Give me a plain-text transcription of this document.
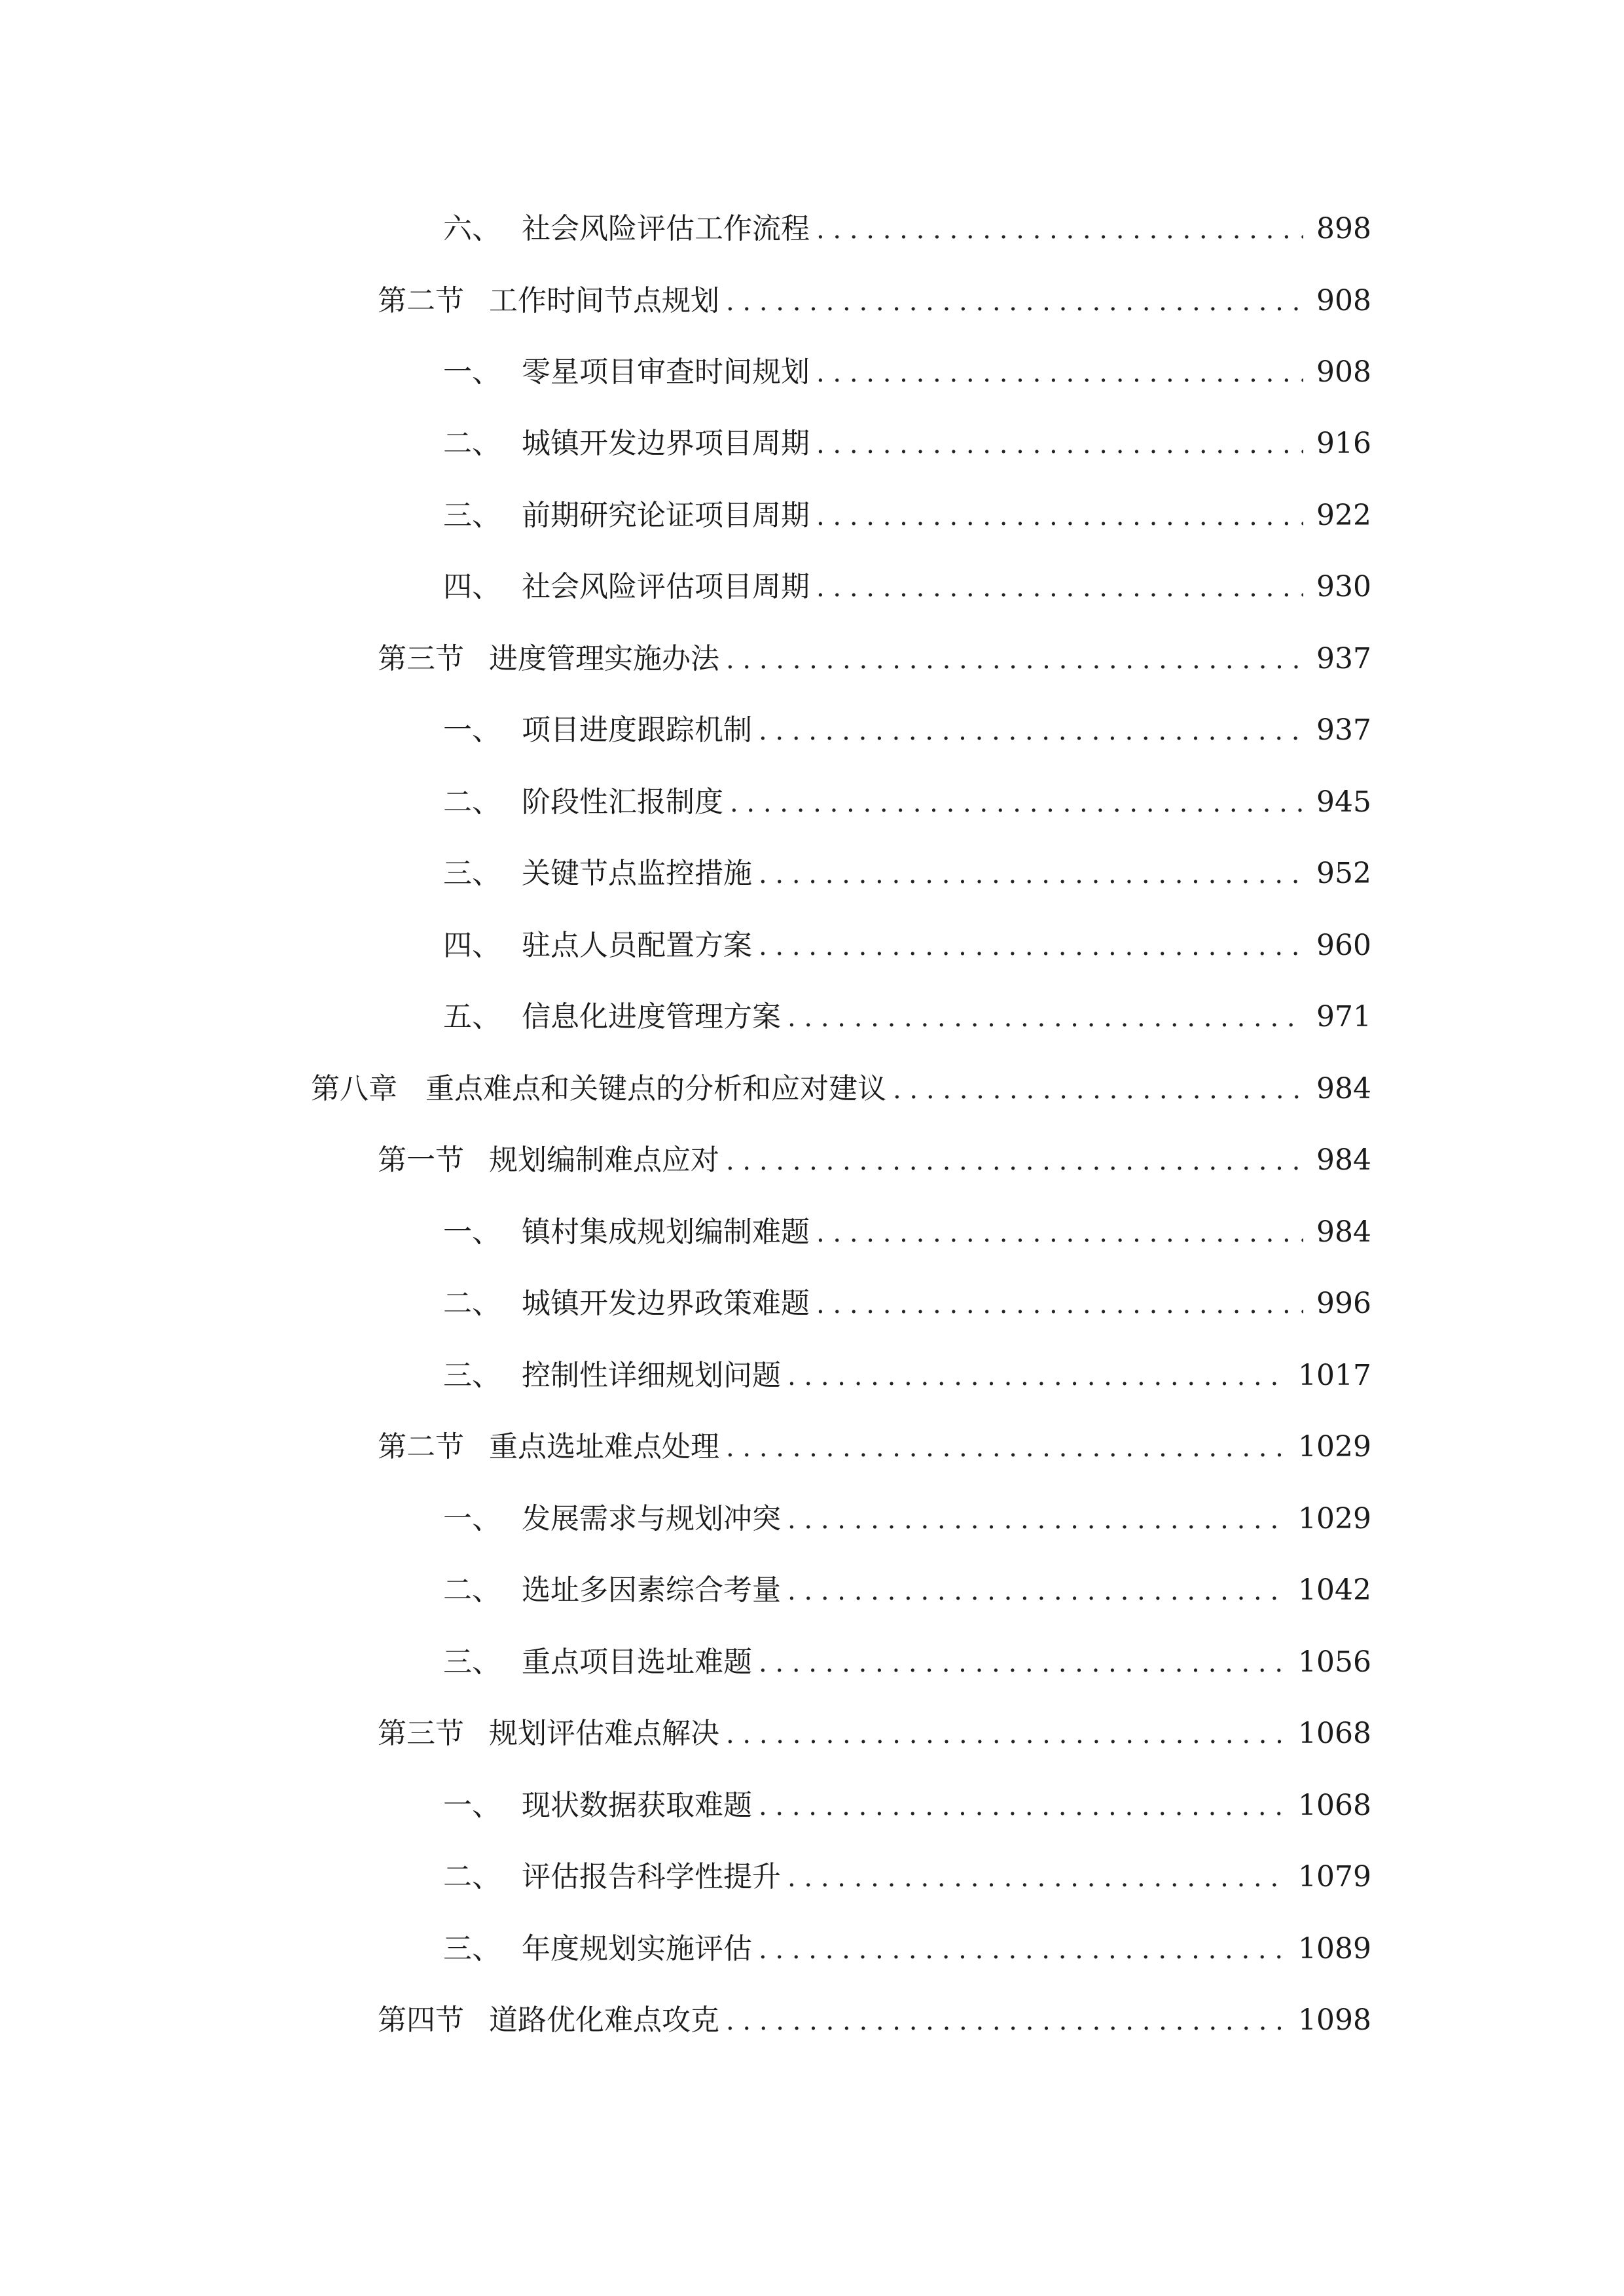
六、 社会风险评估工作流程 . . .	898
第二节 工作时间节点规划 . . .	908
一、 零星项目审查时间规划 . . .	908
二、 城镇开发边界项目周期 . . .	916
三、 前期研究论证项目周期 . . .	922
四、 社会风险评估项目周期 . . .	930
第三节 进度管理实施办法 . . .	937
一、 项目进度跟踪机制 . . .	937
二、 阶段性汇报制度 . . .	945
三、 关键节点监控措施 . . .	952
四、 驻点人员配置方案 . . .	960
五、 信息化进度管理方案 . . .	971
第八章 重点难点和关键点的分析和应对建议 . . .	984
第一节 规划编制难点应对 . . .	984
一、 镇村集成规划编制难题 . . .	984
二、 城镇开发边界政策难题 . . .	996
三、 控制性详细规划问题 . . .	1017
第二节 重点选址难点处理 . . .	1029
一、 发展需求与规划冲突 . . .	1029
二、 选址多因素综合考量 . . .	1042
三、 重点项目选址难题 . . .	1056
第三节 规划评估难点解决 . . .	1068
一、 现状数据获取难题 . . .	1068
二、 评估报告科学性提升 . . .	1079
三、 年度规划实施评估 . . .	1089
第四节 道路优化难点攻克 . . .	1098
